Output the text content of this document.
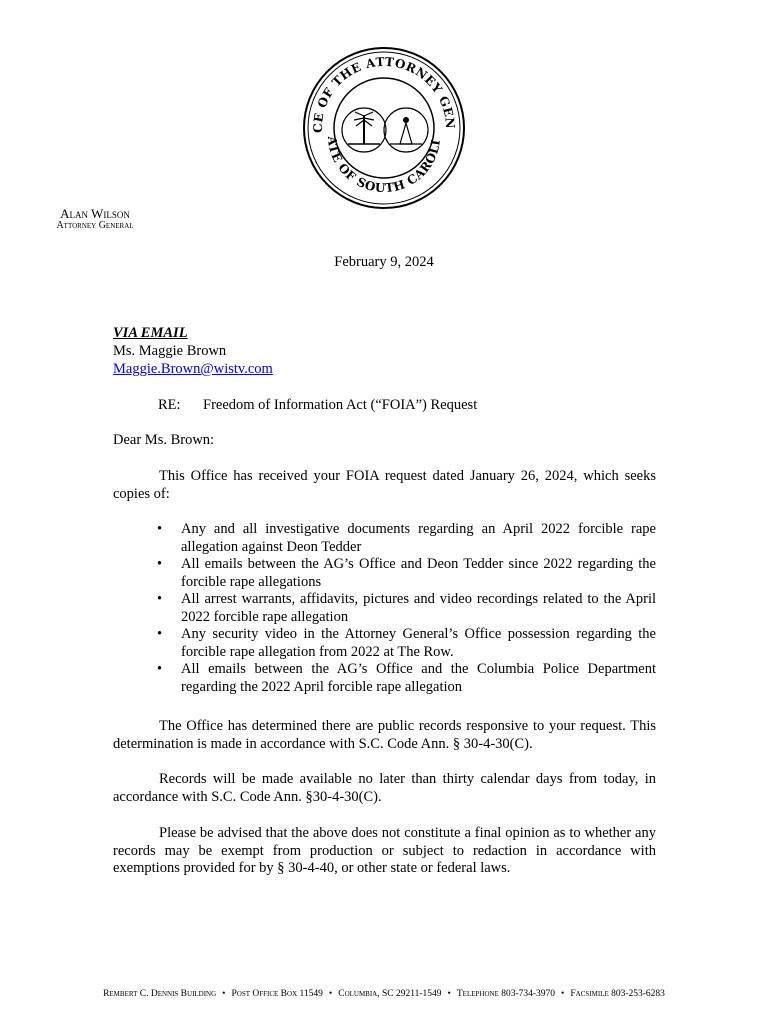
CE OF THE ATTORNEY GEN
ATE OF SOUTH CAROLI
Alan Wilson
Attorney General
February 9, 2024
VIA EMAIL
Ms. Maggie Brown
Maggie.Brown@wistv.com
RE: Freedom of Information Act (“FOIA”) Request
Dear Ms. Brown:

This Office has received your FOIA request dated January 26, 2024, which seeks copies of:

• Any and all investigative documents regarding an April 2022 forcible rape allegation against Deon Tedder
• All emails between the AG’s Office and Deon Tedder since 2022 regarding the forcible rape allegations
• All arrest warrants, affidavits, pictures and video recordings related to the April 2022 forcible rape allegation
• Any security video in the Attorney General’s Office possession regarding the forcible rape allegation from 2022 at The Row.
• All emails between the AG’s Office and the Columbia Police Department regarding the 2022 April forcible rape allegation

The Office has determined there are public records responsive to your request. This determination is made in accordance with S.C. Code Ann. § 30-4-30(C).

Records will be made available no later than thirty calendar days from today, in accordance with S.C. Code Ann. §30-4-30(C).

Please be advised that the above does not constitute a final opinion as to whether any records may be exempt from production or subject to redaction in accordance with exemptions provided for by § 30-4-40, or other state or federal laws.

Rembert C. Dennis Building • Post Office Box 11549 • Columbia, SC 29211-1549 • Telephone 803-734-3970 • Facsimile 803-253-6283
